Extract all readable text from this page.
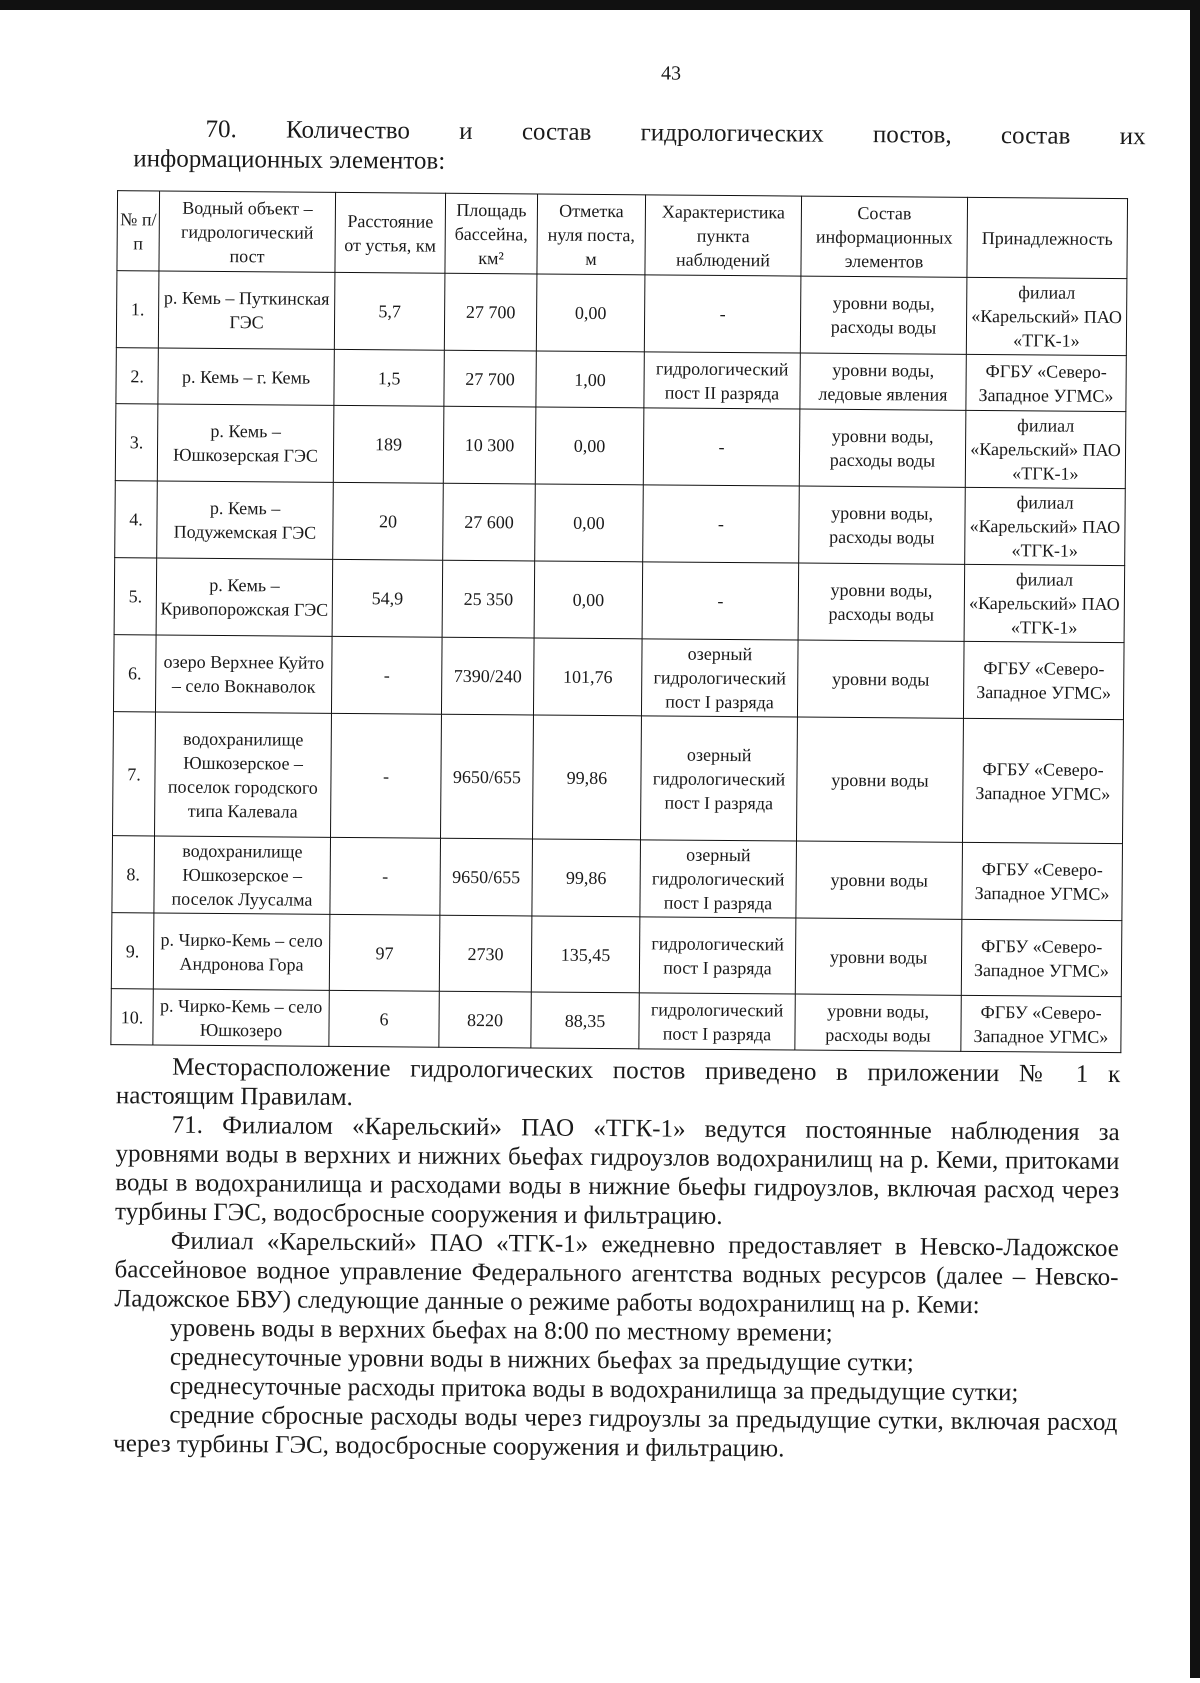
43
70. Количество и состав гидрологических постов, состав их
информационных элементов:
№ п/п	Водный объект – гидрологический пост	Расстояние от устья, км	Площадь бассейна, км²	Отметка нуля поста, м	Характеристика пункта наблюдений	Состав информационных элементов	Принадлежность
1.	р. Кемь – Путкинская ГЭС	5,7	27 700	0,00	-	уровни воды, расходы воды	филиал «Карельский» ПАО «ТГК-1»
2.	р. Кемь – г. Кемь	1,5	27 700	1,00	гидрологический пост II разряда	уровни воды, ледовые явления	ФГБУ «Северо-Западное УГМС»
3.	р. Кемь – Юшкозерская ГЭС	189	10 300	0,00	-	уровни воды, расходы воды	филиал «Карельский» ПАО «ТГК-1»
4.	р. Кемь – Подужемская ГЭС	20	27 600	0,00	-	уровни воды, расходы воды	филиал «Карельский» ПАО «ТГК-1»
5.	р. Кемь – Кривопорожская ГЭС	54,9	25 350	0,00	-	уровни воды, расходы воды	филиал «Карельский» ПАО «ТГК-1»
6.	озеро Верхнее Куйто – село Вокнаволок	-	7390/240	101,76	озерный гидрологический пост I разряда	уровни воды	ФГБУ «Северо-Западное УГМС»
7.	водохранилище Юшкозерское – поселок городского типа Калевала	-	9650/655	99,86	озерный гидрологический пост I разряда	уровни воды	ФГБУ «Северо-Западное УГМС»
8.	водохранилище Юшкозерское – поселок Луусалма	-	9650/655	99,86	озерный гидрологический пост I разряда	уровни воды	ФГБУ «Северо-Западное УГМС»
9.	р. Чирко-Кемь – село Андронова Гора	97	2730	135,45	гидрологический пост I разряда	уровни воды	ФГБУ «Северо-Западное УГМС»
10.	р. Чирко-Кемь – село Юшкозеро	6	8220	88,35	гидрологический пост I разряда	уровни воды, расходы воды	ФГБУ «Северо-Западное УГМС»

Месторасположение гидрологических постов приведено в приложении № 1 к настоящим Правилам.

71. Филиалом «Карельский» ПАО «ТГК-1» ведутся постоянные наблюдения за уровнями воды в верхних и нижних бьефах гидроузлов водохранилищ на р. Кеми, притоками воды в водохранилища и расходами воды в нижние бьефы гидроузлов, включая расход через турбины ГЭС, водосбросные сооружения и фильтрацию.

Филиал «Карельский» ПАО «ТГК-1» ежедневно предоставляет в Невско-Ладожское бассейновое водное управление Федерального агентства водных ресурсов (далее – Невско-Ладожское БВУ) следующие данные о режиме работы водохранилищ на р. Кеми:

уровень воды в верхних бьефах на 8:00 по местному времени;

среднесуточные уровни воды в нижних бьефах за предыдущие сутки;

среднесуточные расходы притока воды в водохранилища за предыдущие сутки;

средние сбросные расходы воды через гидроузлы за предыдущие сутки, включая расход через турбины ГЭС, водосбросные сооружения и фильтрацию.
